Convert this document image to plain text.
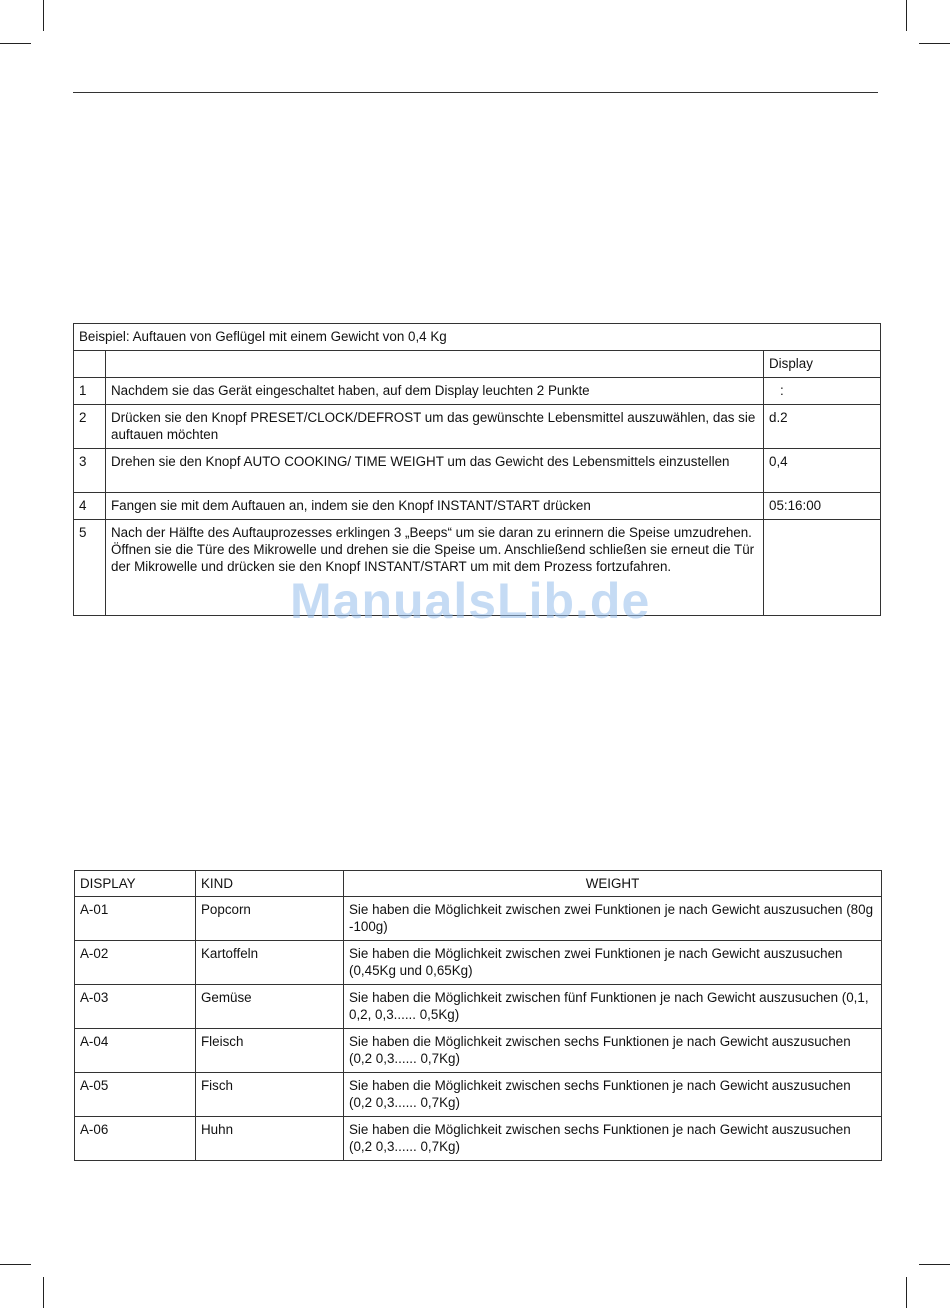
Beispiel: Auftauen von Geflügel mit einem Gewicht von 0,4 Kg		
		Display
1	Nachdem sie das Gerät eingeschaltet haben, auf dem Display leuchten 2 Punkte	:
2	Drücken sie den Knopf PRESET/CLOCK/DEFROST um das gewünschte Lebensmittel auszuwählen, das sie auftauen möchten	d.2
3	Drehen sie den Knopf AUTO COOKING/ TIME WEIGHT um das Gewicht des Lebensmittels einzustellen	0,4
4	Fangen sie mit dem Auftauen an, indem sie den Knopf INSTANT/START drücken	05:16:00
5	Nach der Hälfte des Auftauprozesses erklingen 3 „Beeps“ um sie daran zu erinnern die Speise umzudrehen.
Öffnen sie die Türe des Mikrowelle und drehen sie die Speise um. Anschließend schließen sie erneut die Tür der Mikrowelle und drücken sie den Knopf INSTANT/START um mit dem Prozess fortzufahren.	

ManualsLib.de
DISPLAY	KIND	WEIGHT
A-01	Popcorn	Sie haben die Möglichkeit zwischen zwei Funktionen je nach Gewicht auszusuchen (80g -100g)
A-02	Kartoffeln	Sie haben die Möglichkeit zwischen zwei Funktionen je nach Gewicht auszusuchen (0,45Kg und 0,65Kg)
A-03	Gemüse	Sie haben die Möglichkeit zwischen fünf Funktionen je nach Gewicht auszusuchen (0,1, 0,2, 0,3...... 0,5Kg)
A-04	Fleisch	Sie haben die Möglichkeit zwischen sechs Funktionen je nach Gewicht auszusuchen (0,2 0,3...... 0,7Kg)
A-05	Fisch	Sie haben die Möglichkeit zwischen sechs Funktionen je nach Gewicht auszusuchen (0,2 0,3...... 0,7Kg)
A-06	Huhn	Sie haben die Möglichkeit zwischen sechs Funktionen je nach Gewicht auszusuchen (0,2 0,3...... 0,7Kg)
